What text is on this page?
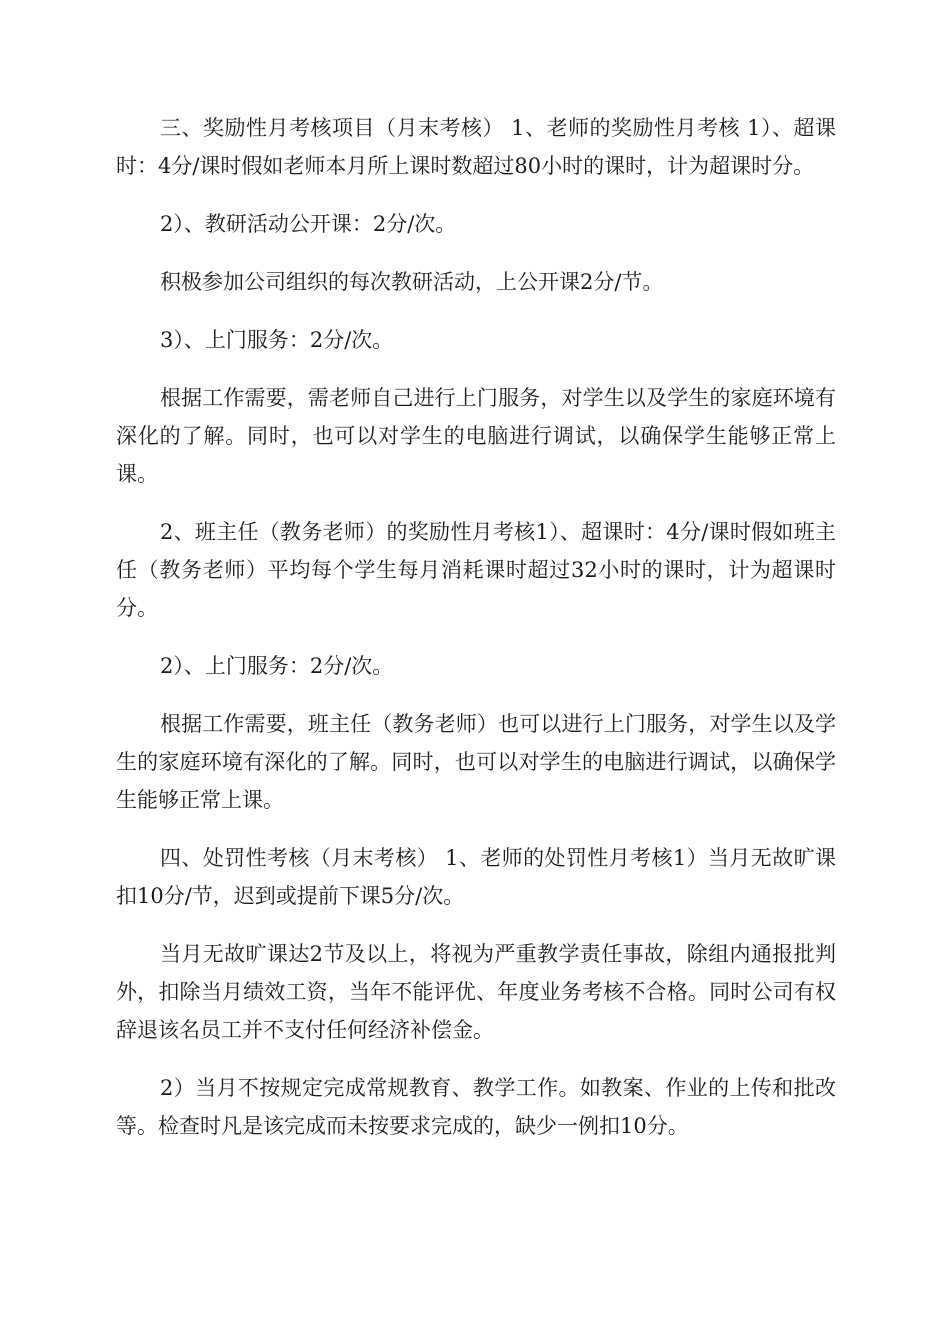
三、奖励性月考核项目（月末考核） 1、老师的奖励性月考核 1）、超课时：4分/课时假如老师本月所上课时数超过80小时的课时，计为超课时分。

2）、教研活动公开课：2分/次。

积极参加公司组织的每次教研活动，上公开课2分/节。

3）、上门服务：2分/次。

根据工作需要，需老师自己进行上门服务，对学生以及学生的家庭环境有深化的了解。同时，也可以对学生的电脑进行调试，以确保学生能够正常上课。

2、班主任（教务老师）的奖励性月考核1）、超课时：4分/课时假如班主任（教务老师）平均每个学生每月消耗课时超过32小时的课时，计为超课时分。

2）、上门服务：2分/次。

根据工作需要，班主任（教务老师）也可以进行上门服务，对学生以及学生的家庭环境有深化的了解。同时，也可以对学生的电脑进行调试，以确保学生能够正常上课。

四、处罚性考核（月末考核） 1、老师的处罚性月考核1）当月无故旷课扣10分/节，迟到或提前下课5分/次。

当月无故旷课达2节及以上，将视为严重教学责任事故，除组内通报批判外，扣除当月绩效工资，当年不能评优、年度业务考核不合格。同时公司有权辞退该名员工并不支付任何经济补偿金。

2）当月不按规定完成常规教育、教学工作。如教案、作业的上传和批改等。检查时凡是该完成而未按要求完成的，缺少一例扣10分。
